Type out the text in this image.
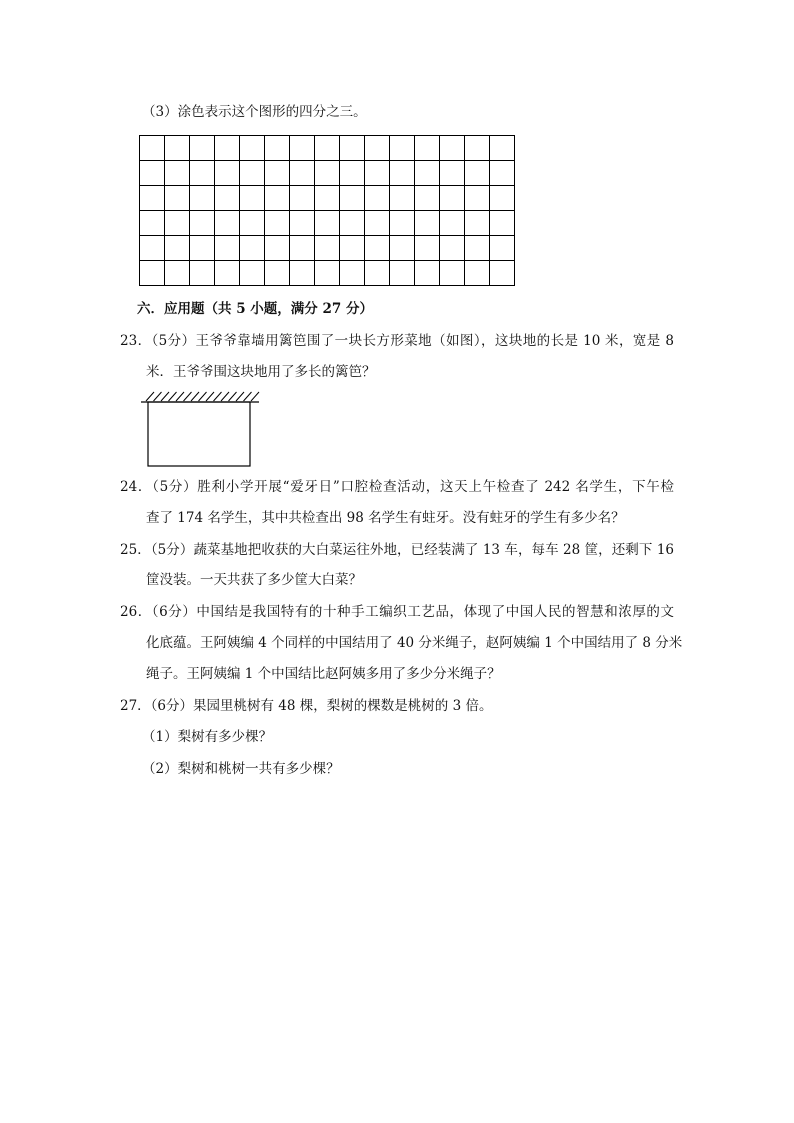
（3）涂色表示这个图形的四分之三。
六．应用题（共 5 小题，满分 27 分）
23．（5分）王爷爷靠墙用篱笆围了一块长方形菜地（如图），这块地的长是 10 米，宽是 8
米．王爷爷围这块地用了多长的篱笆？
24．（5分）胜利小学开展“爱牙日”口腔检查活动，这天上午检查了 242 名学生，下午检
查了 174 名学生，其中共检查出 98 名学生有蛀牙。没有蛀牙的学生有多少名？
25．（5分）蔬菜基地把收获的大白菜运往外地，已经装满了 13 车，每车 28 筐，还剩下 16
筐没装。一天共获了多少筐大白菜？
26．（6分）中国结是我国特有的十种手工编织工艺品，体现了中国人民的智慧和浓厚的文
化底蕴。王阿姨编 4 个同样的中国结用了 40 分米绳子，赵阿姨编 1 个中国结用了 8 分米
绳子。王阿姨编 1 个中国结比赵阿姨多用了多少分米绳子？
27．（6分）果园里桃树有 48 棵，梨树的棵数是桃树的 3 倍。
（1）梨树有多少棵？
（2）梨树和桃树一共有多少棵？
